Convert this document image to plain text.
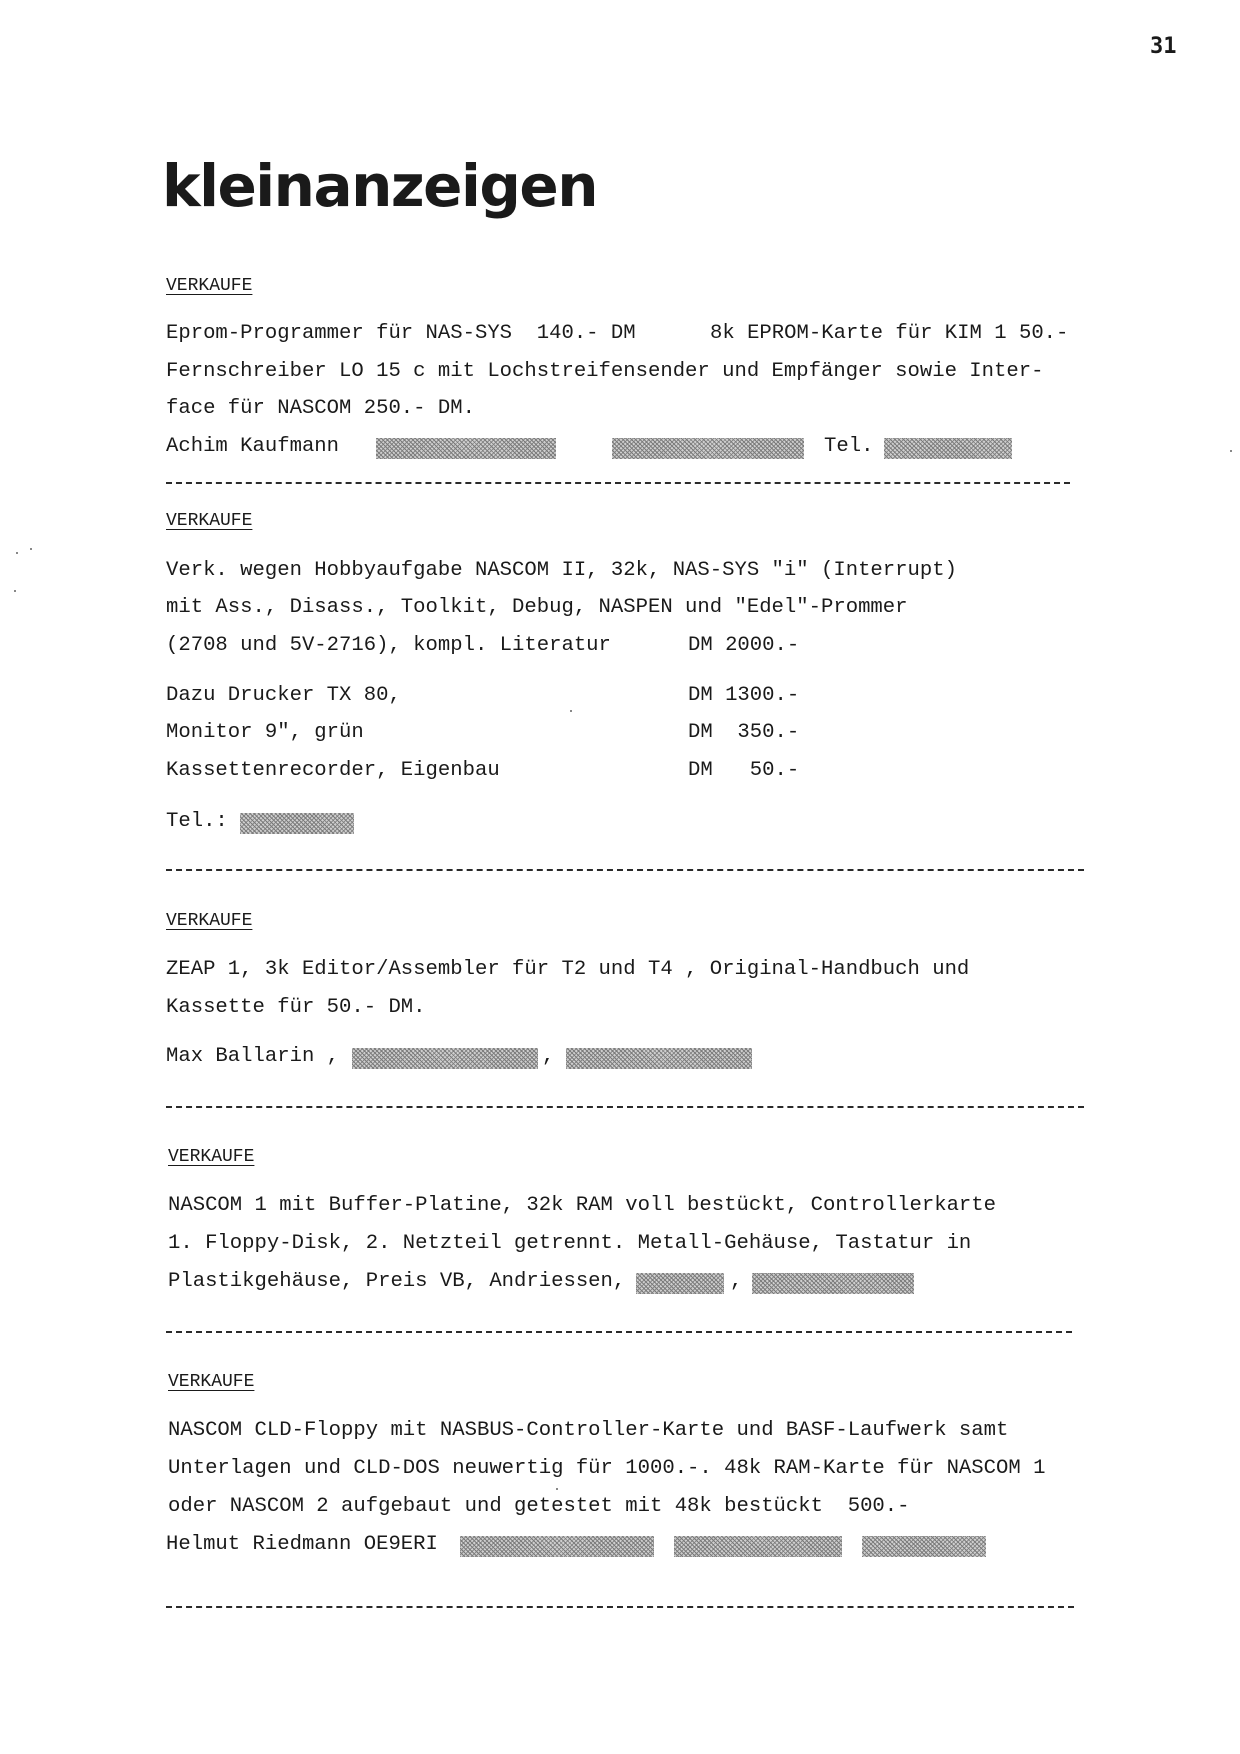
31
kleinanzeigen
VERKAUFE
Eprom-Programmer für NAS-SYS  140.- DM	8k EPROM-Karte für KIM 1 50.-
Fernschreiber LO 15 c mit Lochstreifensender und Empfänger sowie Inter-
face für NASCOM 250.- DM.
Achim Kaufmann	Tel.
VERKAUFE
Verk. wegen Hobbyaufgabe NASCOM II, 32k, NAS-SYS "i" (Interrupt)
mit Ass., Disass., Toolkit, Debug, NASPEN und "Edel"-Prommer
(2708 und 5V-2716), kompl. Literatur	DM 2000.-
Dazu Drucker TX 80,	DM 1300.-
Monitor 9", grün	DM  350.-
Kassettenrecorder, Eigenbau	DM   50.-
Tel.:
VERKAUFE
ZEAP 1, 3k Editor/Assembler für T2 und T4 , Original-Handbuch und
Kassette für 50.- DM.
Max Ballarin ,	,
VERKAUFE
NASCOM 1 mit Buffer-Platine, 32k RAM voll bestückt, Controllerkarte
1. Floppy-Disk, 2. Netzteil getrennt. Metall-Gehäuse, Tastatur in
Plastikgehäuse, Preis VB, Andriessen,	,
VERKAUFE
NASCOM CLD-Floppy mit NASBUS-Controller-Karte und BASF-Laufwerk samt
Unterlagen und CLD-DOS neuwertig für 1000.-. 48k RAM-Karte für NASCOM 1
oder NASCOM 2 aufgebaut und getestet mit 48k bestückt  500.-
Helmut Riedmann OE9ERI
